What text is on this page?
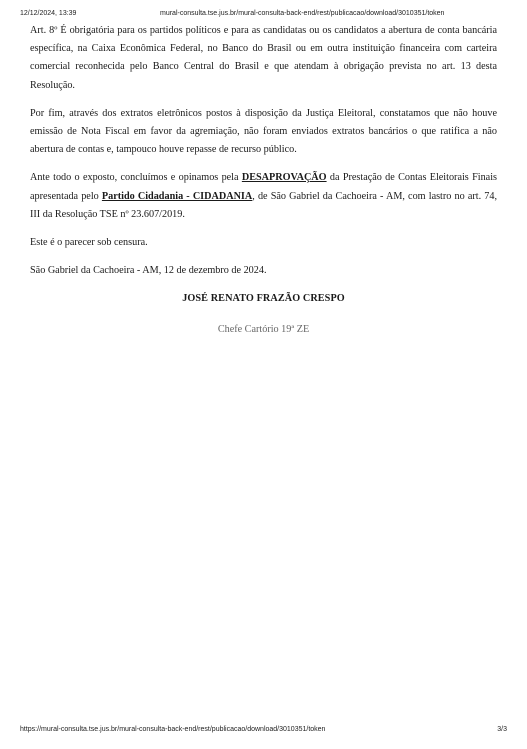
12/12/2024, 13:39	mural-consulta.tse.jus.br/mural-consulta-back-end/rest/publicacao/download/3010351/token

Art. 8º É obrigatória para os partidos políticos e para as candidatas ou os candidatos a abertura de conta bancária específica, na Caixa Econômica Federal, no Banco do Brasil ou em outra instituição financeira com carteira comercial reconhecida pelo Banco Central do Brasil e que atendam à obrigação prevista no art. 13 desta Resolução.

Por fim, através dos extratos eletrônicos postos à disposição da Justiça Eleitoral, constatamos que não houve emissão de Nota Fiscal em favor da agremiação, não foram enviados extratos bancários o que ratifica a não abertura de contas e, tampouco houve repasse de recurso público.

Ante todo o exposto, concluímos e opinamos pela DESAPROVAÇÃO da Prestação de Contas Eleitorais Finais apresentada pelo Partido Cidadania - CIDADANIA, de São Gabriel da Cachoeira - AM, com lastro no art. 74, III da Resolução TSE nº 23.607/2019.

Este é o parecer sob censura.

São Gabriel da Cachoeira - AM, 12 de dezembro de 2024.

JOSÉ RENATO FRAZÃO CRESPO
Chefe Cartório 19ª ZE
https://mural-consulta.tse.jus.br/mural-consulta-back-end/rest/publicacao/download/3010351/token	3/3
